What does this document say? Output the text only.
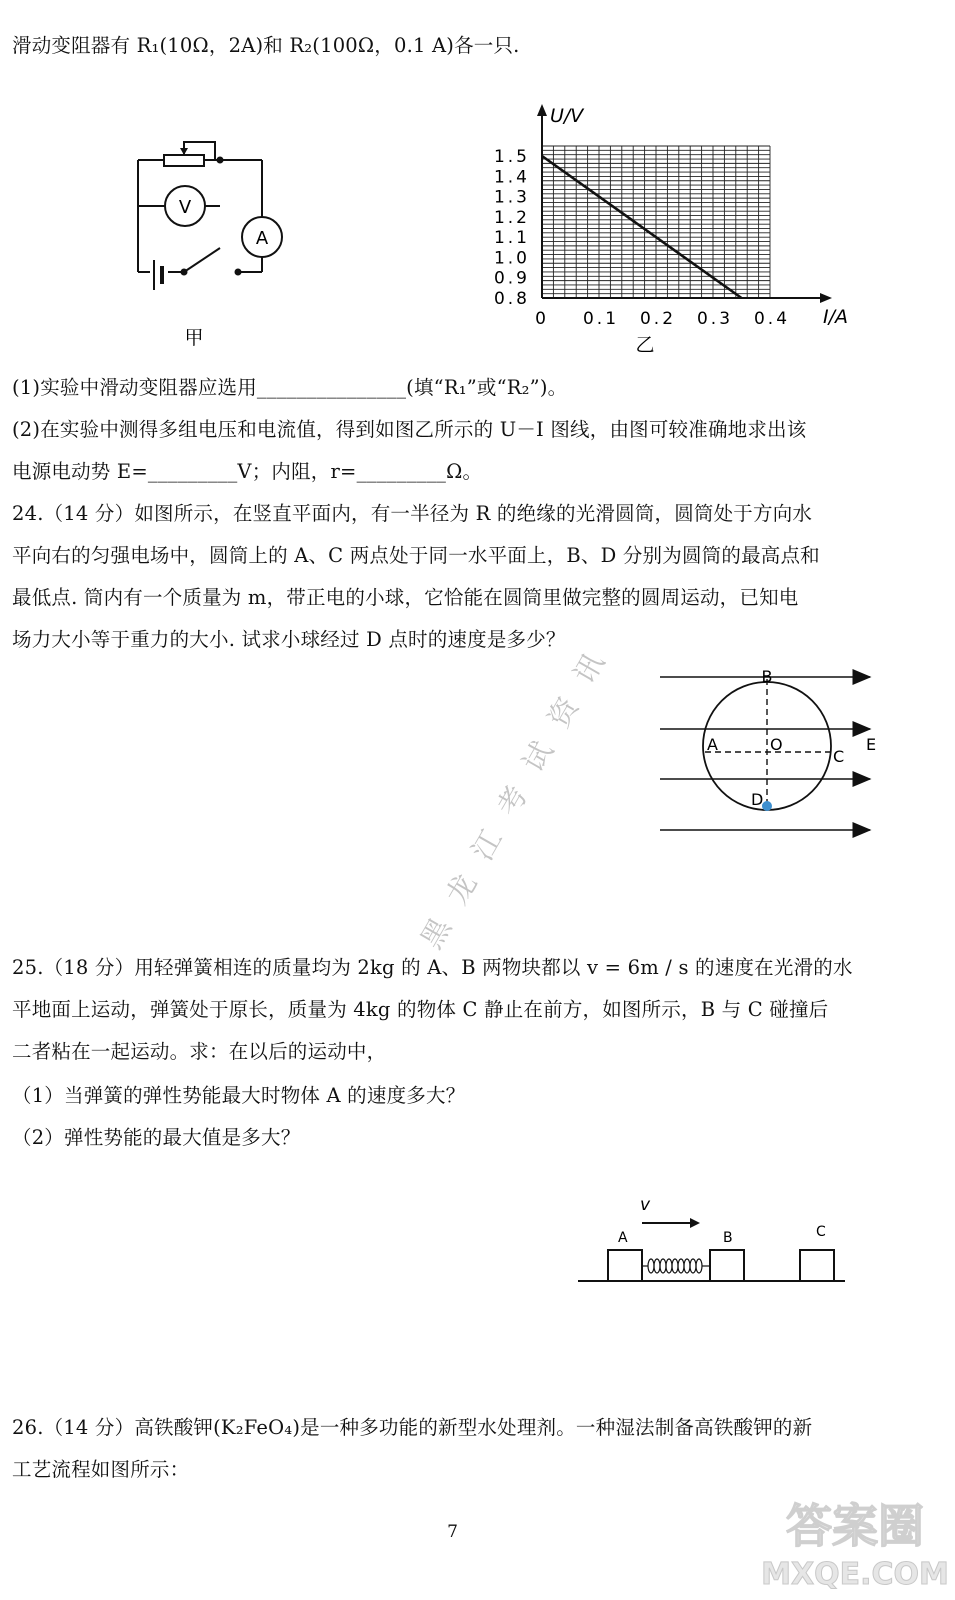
滑动变阻器有 R₁(10Ω，2A)和 R₂(100Ω，0.1 A)各一只.
V
A
甲
1.5
1.4
1.3
1.2
1.1
1.0
0.9
0.8
0 0.1 0.2 0.3 0.4
U/V
I/A
乙
(1)实验中滑动变阻器应选用_______________(填“R₁”或“R₂”)。
(2)在实验中测得多组电压和电流值，得到如图乙所示的 U－I 图线，由图可较准确地求出该
电源电动势 E=_________V；内阻，r=_________Ω。
24.（14 分）如图所示，在竖直平面内，有一半径为 R 的绝缘的光滑圆筒，圆筒处于方向水
平向右的匀强电场中，圆筒上的 A、C 两点处于同一水平面上，B、D 分别为圆筒的最高点和
最低点. 筒内有一个质量为 m，带正电的小球，它恰能在圆筒里做完整的圆周运动，已知电
场力大小等于重力的大小. 试求小球经过 D 点时的速度是多少？
B
A	O
C
E
D
黑龙江考试资讯
25.（18 分）用轻弹簧相连的质量均为 2kg 的 A、B 两物块都以 v = 6m / s 的速度在光滑的水
平地面上运动，弹簧处于原长，质量为 4kg 的物体 C 静止在前方，如图所示，B 与 C 碰撞后
二者粘在一起运动。求：在以后的运动中，
（1）当弹簧的弹性势能最大时物体 A 的速度多大？
（2）弹性势能的最大值是多大？
v
A	B	C
26.（14 分）高铁酸钾(K₂FeO₄)是一种多功能的新型水处理剂。一种湿法制备高铁酸钾的新
工艺流程如图所示：
7	答案圈
MXQE.COM
